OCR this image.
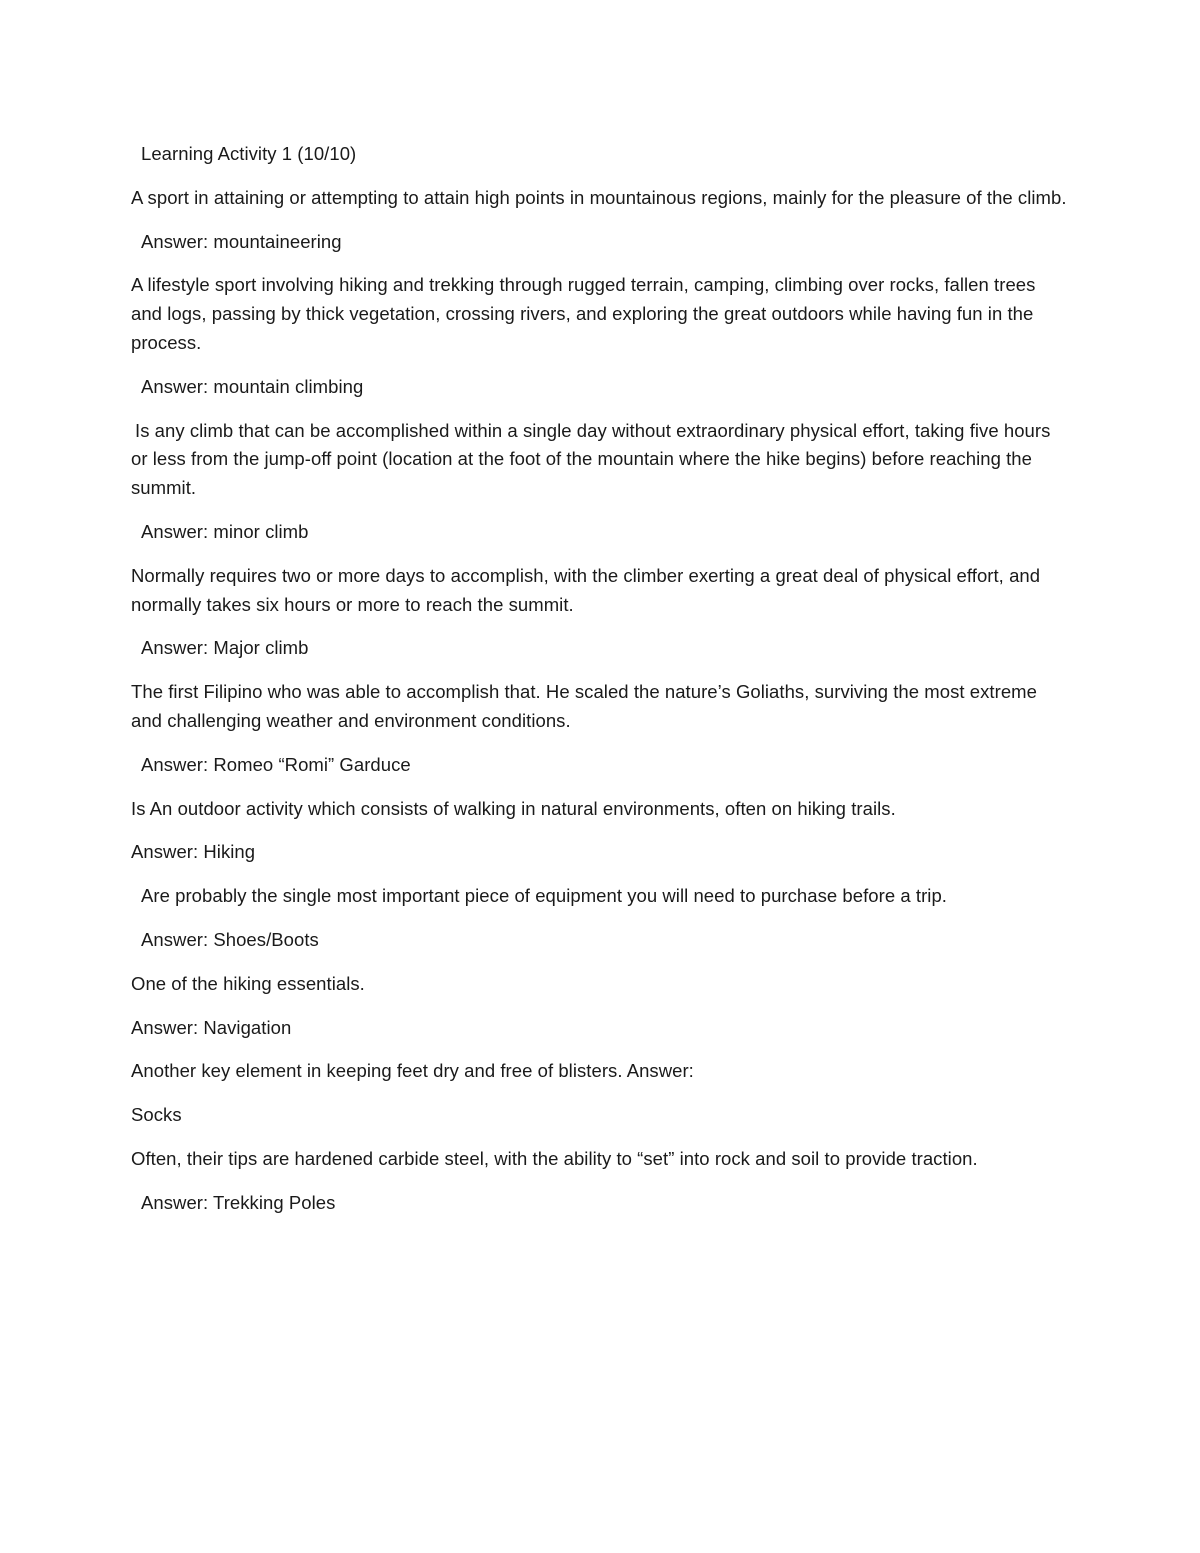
Learning Activity 1 (10/10)

A sport in attaining or attempting to attain high points in mountainous regions, mainly for the pleasure of the climb.

Answer: mountaineering

A lifestyle sport involving hiking and trekking through rugged terrain, camping, climbing over rocks, fallen trees and logs, passing by thick vegetation, crossing rivers, and exploring the great outdoors while having fun in the process.

Answer: mountain climbing

Is any climb that can be accomplished within a single day without extraordinary physical effort, taking five hours or less from the jump-off point (location at the foot of the mountain where the hike begins) before reaching the summit.

Answer: minor climb

Normally requires two or more days to accomplish, with the climber exerting a great deal of physical effort, and normally takes six hours or more to reach the summit.

Answer: Major climb

The first Filipino who was able to accomplish that. He scaled the nature’s Goliaths, surviving the most extreme and challenging weather and environment conditions.

Answer: Romeo “Romi” Garduce

Is An outdoor activity which consists of walking in natural environments, often on hiking trails.

Answer: Hiking

Are probably the single most important piece of equipment you will need to purchase before a trip.

Answer: Shoes/Boots

One of the hiking essentials.

Answer: Navigation

Another key element in keeping feet dry and free of blisters. Answer:

Socks

Often, their tips are hardened carbide steel, with the ability to “set” into rock and soil to provide traction.

Answer: Trekking Poles
